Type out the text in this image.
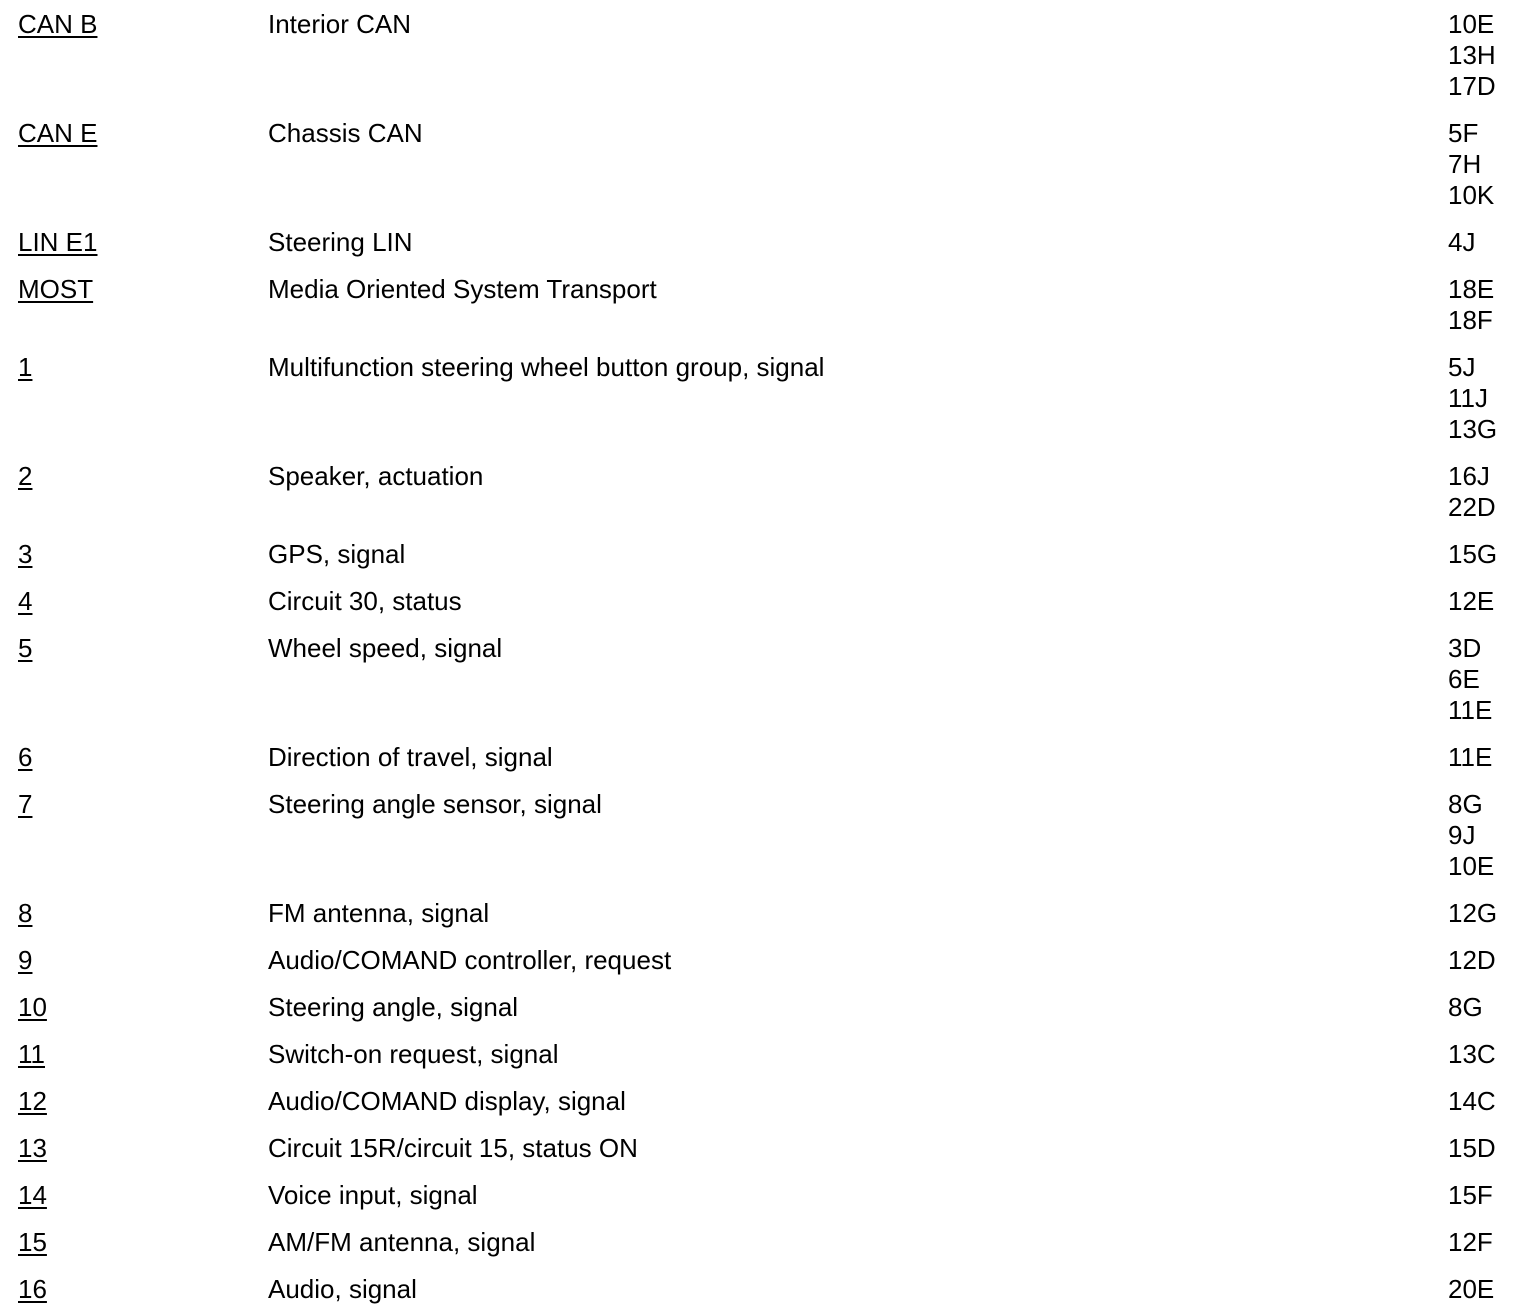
CAN B	Interior CAN	10E
13H
17D
CAN E	Chassis CAN	5F
7H
10K
LIN E1	Steering LIN	4J
MOST	Media Oriented System Transport	18E
18F
1	Multifunction steering wheel button group, signal	5J
11J
13G
2	Speaker, actuation	16J
22D
3	GPS, signal	15G
4	Circuit 30, status	12E
5	Wheel speed, signal	3D
6E
11E
6	Direction of travel, signal	11E
7	Steering angle sensor, signal	8G
9J
10E
8	FM antenna, signal	12G
9	Audio/COMAND controller, request	12D
10	Steering angle, signal	8G
11	Switch-on request, signal	13C
12	Audio/COMAND display, signal	14C
13	Circuit 15R/circuit 15, status ON	15D
14	Voice input, signal	15F
15	AM/FM antenna, signal	12F
16	Audio, signal	20E
